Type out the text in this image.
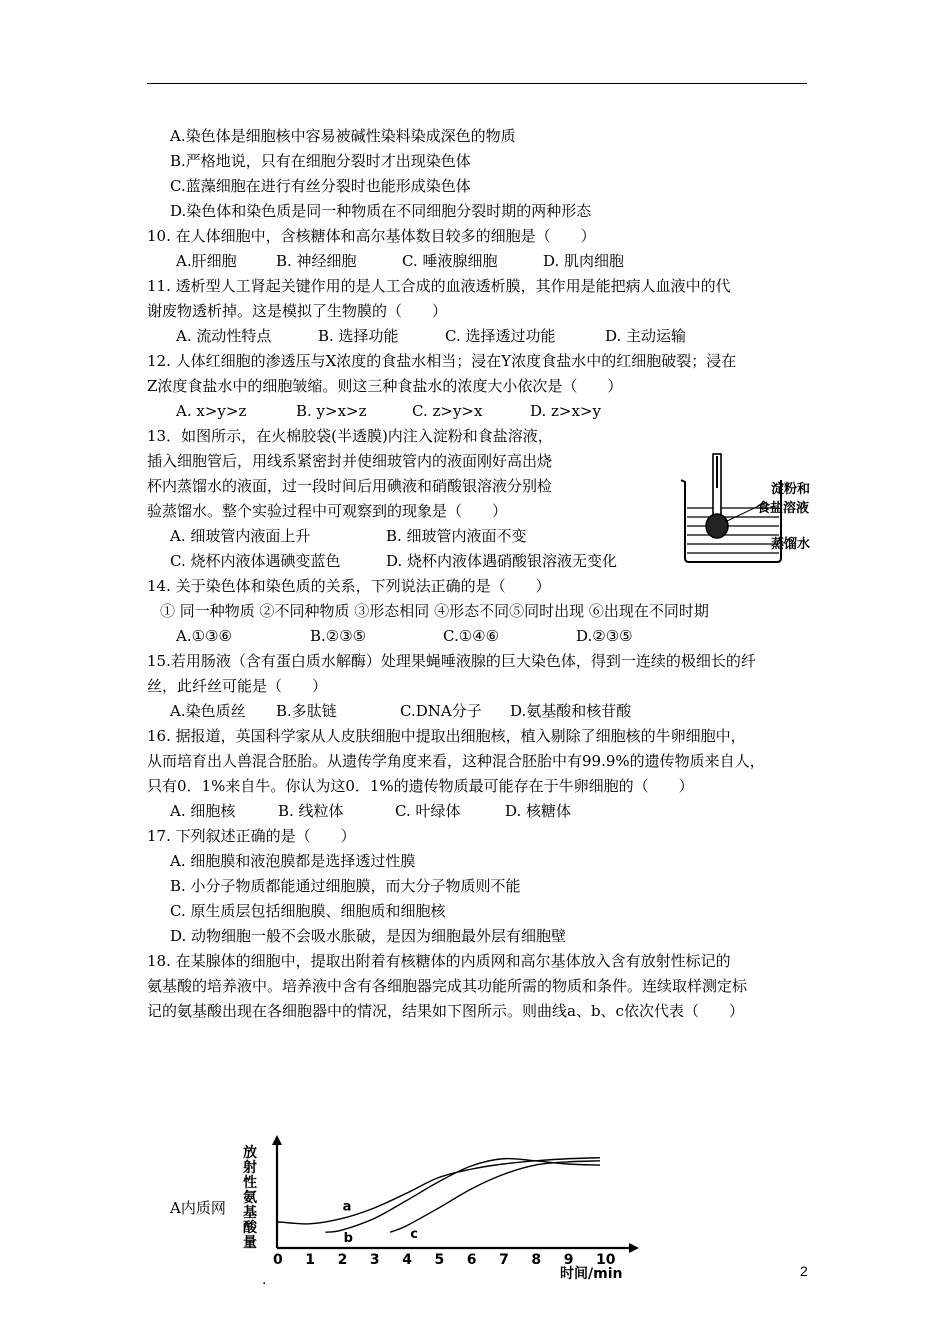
A.染色体是细胞核中容易被碱性染料染成深色的物质
B.严格地说，只有在细胞分裂时才出现染色体
C.蓝藻细胞在进行有丝分裂时也能形成染色体
D.染色体和染色质是同一种物质在不同细胞分裂时期的两种形态
10. 在人体细胞中，含核糖体和高尔基体数目较多的细胞是（　　）
A.肝细胞	B. 神经细胞	C. 唾液腺细胞	D. 肌肉细胞
11. 透析型人工肾起关键作用的是人工合成的血液透析膜，其作用是能把病人血液中的代
谢废物透析掉。这是模拟了生物膜的（　　）
A. 流动性特点	B. 选择功能	C. 选择透过功能	D. 主动运输
12. 人体红细胞的渗透压与X浓度的食盐水相当；浸在Y浓度食盐水中的红细胞破裂；浸在
Z浓度食盐水中的细胞皱缩。则这三种食盐水的浓度大小依次是（　　）
A. x>y>z	B. y>x>z	C. z>y>x	D. z>x>y
13．如图所示，在火棉胶袋(半透膜)内注入淀粉和食盐溶液，
插入细胞管后，用线系紧密封并使细玻管内的液面刚好高出烧
杯内蒸馏水的液面，过一段时间后用碘液和硝酸银溶液分别检
验蒸馏水。整个实验过程中可观察到的现象是（　　）
A. 细玻管内液面上升	B. 细玻管内液面不变
C. 烧杯内液体遇碘变蓝色	D. 烧杯内液体遇硝酸银溶液无变化
淀粉和
食盐溶液
蒸馏水
14. 关于染色体和染色质的关系，下列说法正确的是（　　）
① 同一种物质 ②不同种物质 ③形态相同 ④形态不同⑤同时出现 ⑥出现在不同时期
A.①③⑥	B.②③⑤	C.①④⑥	D.②③⑤
15.若用肠液（含有蛋白质水解酶）处理果蝇唾液腺的巨大染色体，得到一连续的极细长的纤
丝，此纤丝可能是（　　）
A.染色质丝 B.多肽链	C.DNA分子 D.氨基酸和核苷酸
16. 据报道，英国科学家从人皮肤细胞中提取出细胞核，植入剔除了细胞核的牛卵细胞中，
从而培育出人兽混合胚胎。从遗传学角度来看，这种混合胚胎中有99.9%的遗传物质来自人，
只有0．1%来自牛。你认为这0．1%的遗传物质最可能存在于牛卵细胞的（　　）
A. 细胞核	B. 线粒体	C. 叶绿体	D. 核糖体
17. 下列叙述正确的是（　　）
A. 细胞膜和液泡膜都是选择透过性膜
B. 小分子物质都能通过细胞膜，而大分子物质则不能
C. 原生质层包括细胞膜、细胞质和细胞核
D. 动物细胞一般不会吸水胀破，是因为细胞最外层有细胞壁
18. 在某腺体的细胞中，提取出附着有核糖体的内质网和高尔基体放入含有放射性标记的
氨基酸的培养液中。培养液中含有各细胞器完成其功能所需的物质和条件。连续取样测定标
记的氨基酸出现在各细胞器中的情况，结果如下图所示。则曲线a、b、c依次代表（　　）
A内质网
放
射
性
氨
基
酸
量
0 1 2 3 4 5 6 7 8 9 10
a
b	c
时间/min	2
.
